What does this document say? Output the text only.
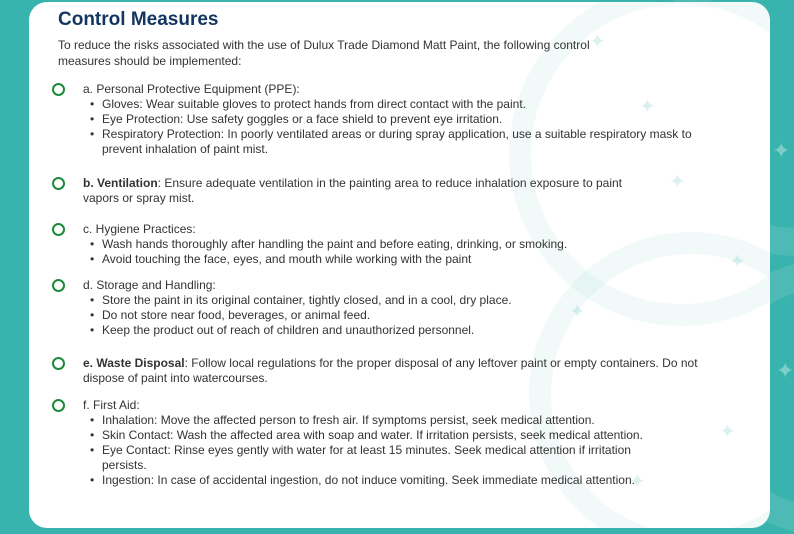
✦
✦
✦
✦
✦
✦
✦
✦
✦
Control Measures

To reduce the risks associated with the use of Dulux Trade Diamond Matt Paint, the following control measures should be implemented:

a. Personal Protective Equipment (PPE):
• Gloves: Wear suitable gloves to protect hands from direct contact with the paint.
• Eye Protection: Use safety goggles or a face shield to prevent eye irritation.
• Respiratory Protection: In poorly ventilated areas or during spray application, use a suitable respiratory mask to prevent inhalation of paint mist.
b. Ventilation: Ensure adequate ventilation in the painting area to reduce inhalation exposure to paint vapors or spray mist.
c. Hygiene Practices:
• Wash hands thoroughly after handling the paint and before eating, drinking, or smoking.
• Avoid touching the face, eyes, and mouth while working with the paint
d. Storage and Handling:
• Store the paint in its original container, tightly closed, and in a cool, dry place.
• Do not store near food, beverages, or animal feed.
• Keep the product out of reach of children and unauthorized personnel.
e. Waste Disposal: Follow local regulations for the proper disposal of any leftover paint or empty containers. Do not dispose of paint into watercourses.
f. First Aid:
• Inhalation: Move the affected person to fresh air. If symptoms persist, seek medical attention.
• Skin Contact: Wash the affected area with soap and water. If irritation persists, seek medical attention.
• Eye Contact: Rinse eyes gently with water for at least 15 minutes. Seek medical attention if irritation persists.
• Ingestion: In case of accidental ingestion, do not induce vomiting. Seek immediate medical attention.
